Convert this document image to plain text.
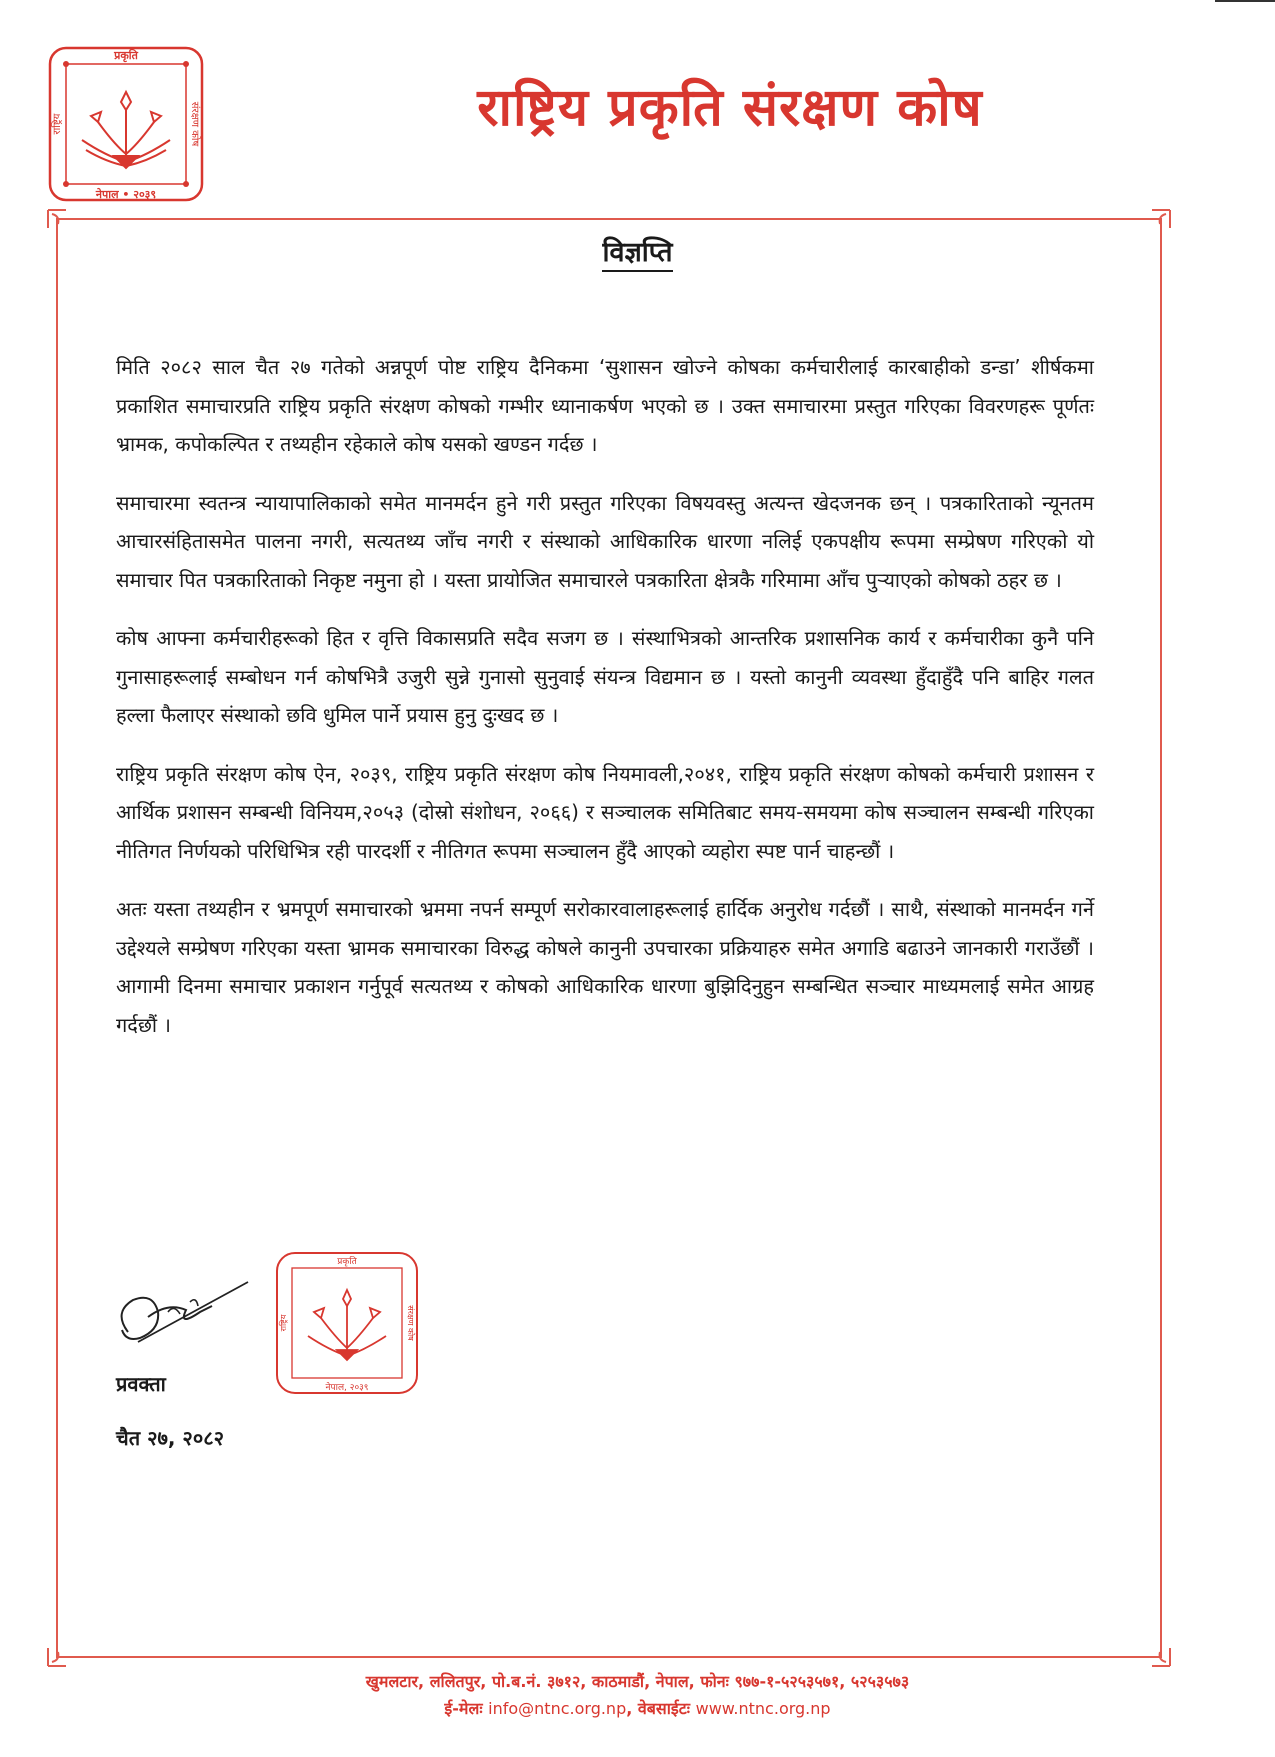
प्रकृति
नेपाल • २०३९
राष्ट्रिय	संरक्षण कोष	राष्ट्रिय प्रकृति संरक्षण कोष
विज्ञप्ति

मिति २०८२ साल चैत २७ गतेको अन्नपूर्ण पोष्ट राष्ट्रिय दैनिकमा ‘सुशासन खोज्ने कोषका कर्मचारीलाई कारबाहीको डन्डा’ शीर्षकमा प्रकाशित समाचारप्रति राष्ट्रिय प्रकृति संरक्षण कोषको गम्भीर ध्यानाकर्षण भएको छ । उक्त समाचारमा प्रस्तुत गरिएका विवरणहरू पूर्णतः भ्रामक, कपोकल्पित र तथ्यहीन रहेकाले कोष यसको खण्डन गर्दछ ।

समाचारमा स्वतन्त्र न्यायापालिकाको समेत मानमर्दन हुने गरी प्रस्तुत गरिएका विषयवस्तु अत्यन्त खेदजनक छन् । पत्रकारिताको न्यूनतम आचारसंहितासमेत पालना नगरी, सत्यतथ्य जाँच नगरी र संस्थाको आधिकारिक धारणा नलिई एकपक्षीय रूपमा सम्प्रेषण गरिएको यो समाचार पित पत्रकारिताको निकृष्ट नमुना हो । यस्ता प्रायोजित समाचारले पत्रकारिता क्षेत्रकै गरिमामा आँच पुऱ्याएको कोषको ठहर छ ।

कोष आफ्ना कर्मचारीहरूको हित र वृत्ति विकासप्रति सदैव सजग छ । संस्थाभित्रको आन्तरिक प्रशासनिक कार्य र कर्मचारीका कुनै पनि गुनासाहरूलाई सम्बोधन गर्न कोषभित्रै उजुरी सुन्ने गुनासो सुनुवाई संयन्त्र विद्यमान छ । यस्तो कानुनी व्यवस्था हुँदाहुँदै पनि बाहिर गलत हल्ला फैलाएर संस्थाको छवि धुमिल पार्ने प्रयास हुनु दुःखद छ ।

राष्ट्रिय प्रकृति संरक्षण कोष ऐन, २०३९, राष्ट्रिय प्रकृति संरक्षण कोष नियमावली,२०४१, राष्ट्रिय प्रकृति संरक्षण कोषको कर्मचारी प्रशासन र आर्थिक प्रशासन सम्बन्धी विनियम,२०५३ (दोस्रो संशोधन, २०६६) र सञ्चालक समितिबाट समय-समयमा कोष सञ्चालन सम्बन्धी गरिएका नीतिगत निर्णयको परिधिभित्र रही पारदर्शी र नीतिगत रूपमा सञ्चालन हुँदै आएको व्यहोरा स्पष्ट पार्न चाहन्छौं ।

अतः यस्ता तथ्यहीन र भ्रमपूर्ण समाचारको भ्रममा नपर्न सम्पूर्ण सरोकारवालाहरूलाई हार्दिक अनुरोध गर्दछौं । साथै, संस्थाको मानमर्दन गर्ने उद्देश्यले सम्प्रेषण गरिएका यस्ता भ्रामक समाचारका विरुद्ध कोषले कानुनी उपचारका प्रक्रियाहरु समेत अगाडि बढाउने जानकारी गराउँछौं । आगामी दिनमा समाचार प्रकाशन गर्नुपूर्व सत्यतथ्य र कोषको आधिकारिक धारणा बुझिदिनुहुन सम्बन्धित सञ्चार माध्यमलाई समेत आग्रह गर्दछौं ।

प्रकृति
नेपाल, २०३९
राष्ट्रिय	संरक्षण कोष
प्रवक्ता
चैत २७, २०८२
खुमलटार, ललितपुर, पो.ब.नं. ३७१२, काठमाडौं, नेपाल, फोनः ९७७-१-५२५३५७१, ५२५३५७३
ई-मेलः info@ntnc.org.np, वेबसाईटः www.ntnc.org.np
